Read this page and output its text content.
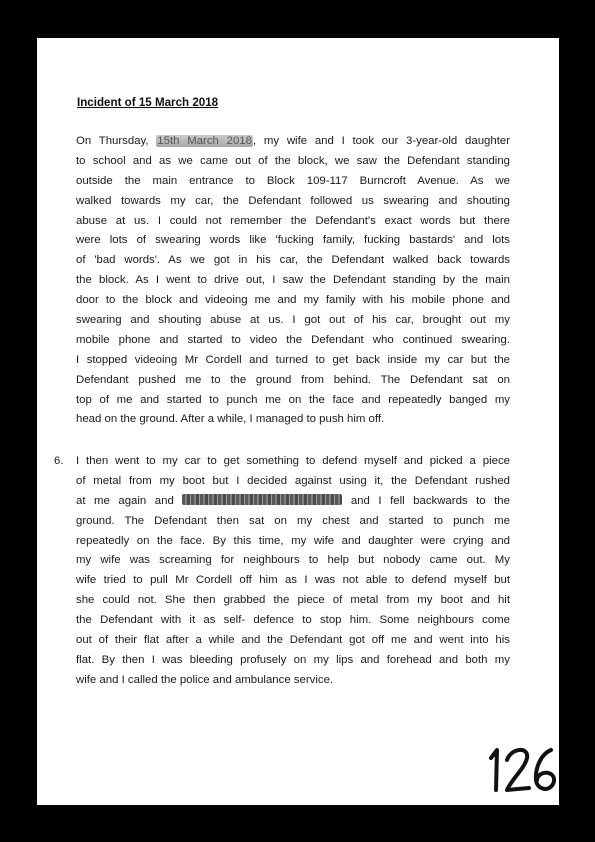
Incident of 15 March 2018
On Thursday, 15th March 2018, my wife and I took our 3-year-old daughter
to school and as we came out of the block, we saw the Defendant standing
outside the main entrance to Block 109-117 Burncroft Avenue. As we
walked towards my car, the Defendant followed us swearing and shouting
abuse at us. I could not remember the Defendant's exact words but there
were lots of swearing words like 'fucking family, fucking bastards' and lots
of 'bad words'. As we got in his car, the Defendant walked back towards
the block. As I went to drive out, I saw the Defendant standing by the main
door to the block and videoing me and my family with his mobile phone and
swearing and shouting abuse at us. I got out of his car, brought out my
mobile phone and started to video the Defendant who continued swearing.
I stopped videoing Mr Cordell and turned to get back inside my car but the
Defendant pushed me to the ground from behind. The Defendant sat on
top of me and started to punch me on the face and repeatedly banged my
head on the ground. After a while, I managed to push him off.
6. I then went to my car to get something to defend myself and picked a piece
of metal from my boot but I decided against using it, the Defendant rushed
at me again and	and I fell backwards to the
ground. The Defendant then sat on my chest and started to punch me
repeatedly on the face. By this time, my wife and daughter were crying and
my wife was screaming for neighbours to help but nobody came out. My
wife tried to pull Mr Cordell off him as I was not able to defend myself but
she could not. She then grabbed the piece of metal from my boot and hit
the Defendant with it as self- defence to stop him. Some neighbours come
out of their flat after a while and the Defendant got off me and went into his
flat. By then I was bleeding profusely on my lips and forehead and both my
wife and I called the police and ambulance service.
